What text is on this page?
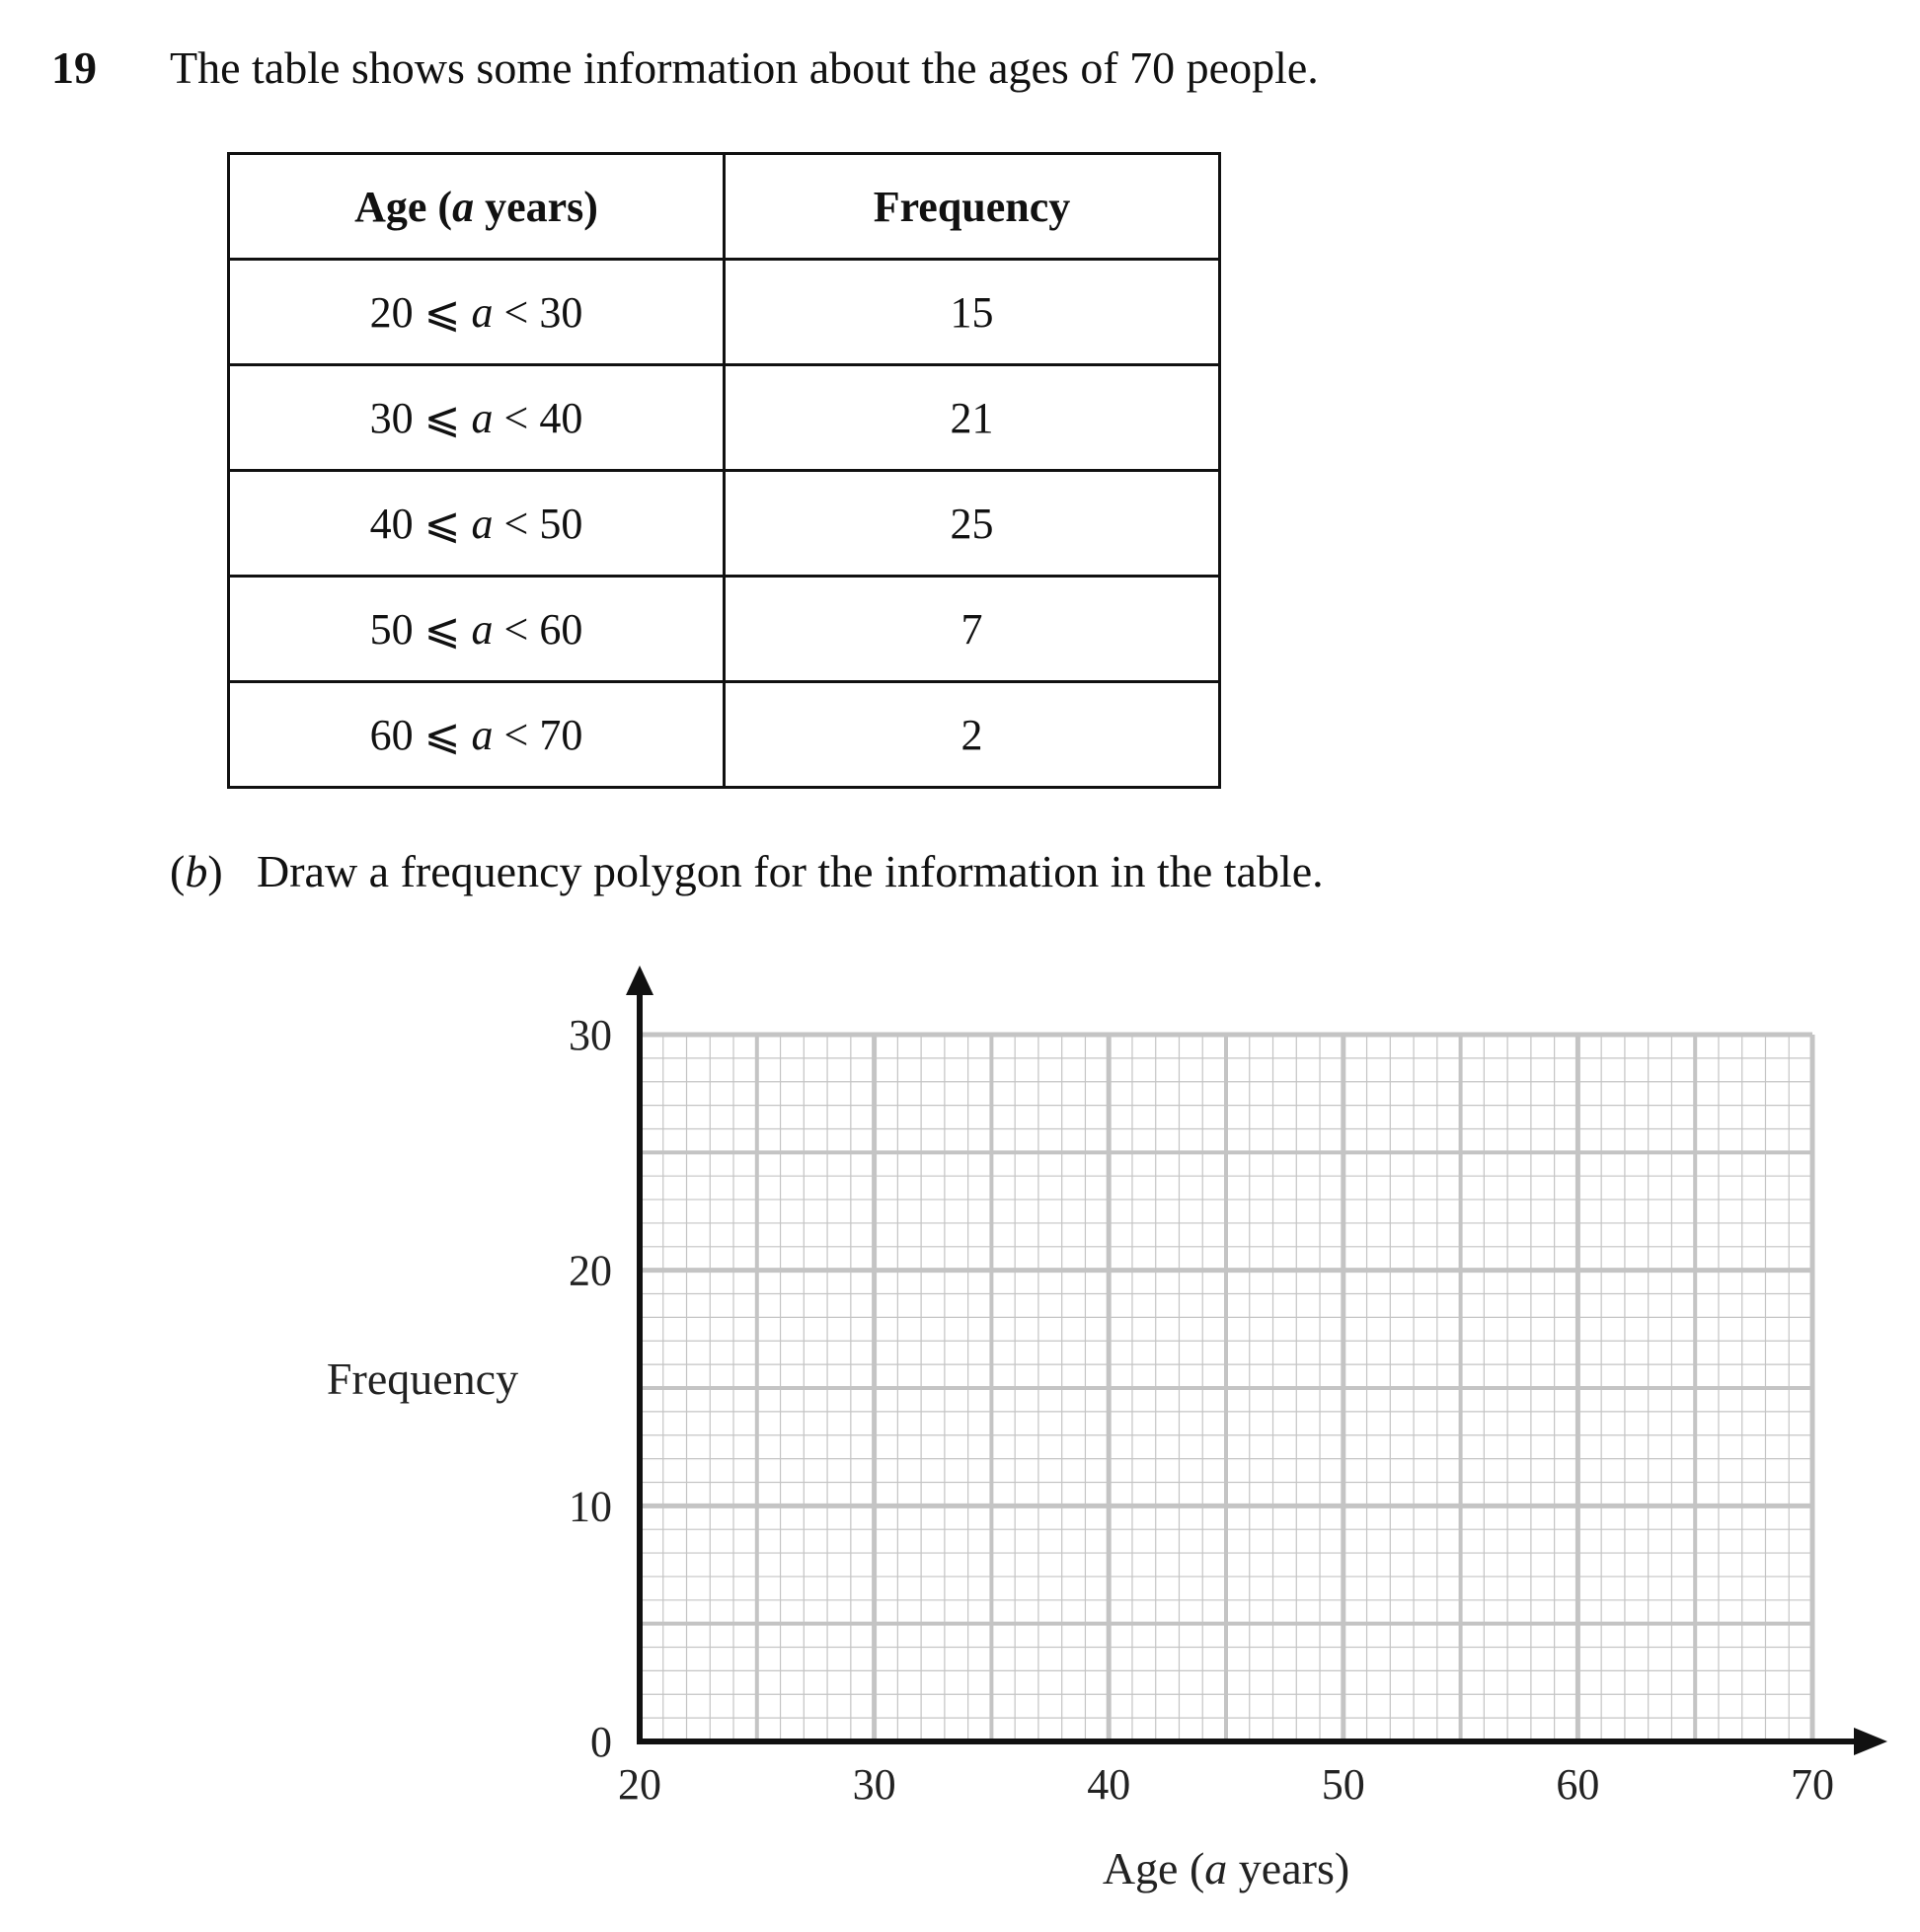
19 The table shows some information about the ages of 70 people.
Age (a years)	Frequency
20 ⩽ a < 30	15
30 ⩽ a < 40	21
40 ⩽ a < 50	25
50 ⩽ a < 60	7
60 ⩽ a < 70	2
(b) Draw a frequency polygon for the information in the table.
20	30	40	50	60	70
0
10
20
30
Frequency
Age (a years)
